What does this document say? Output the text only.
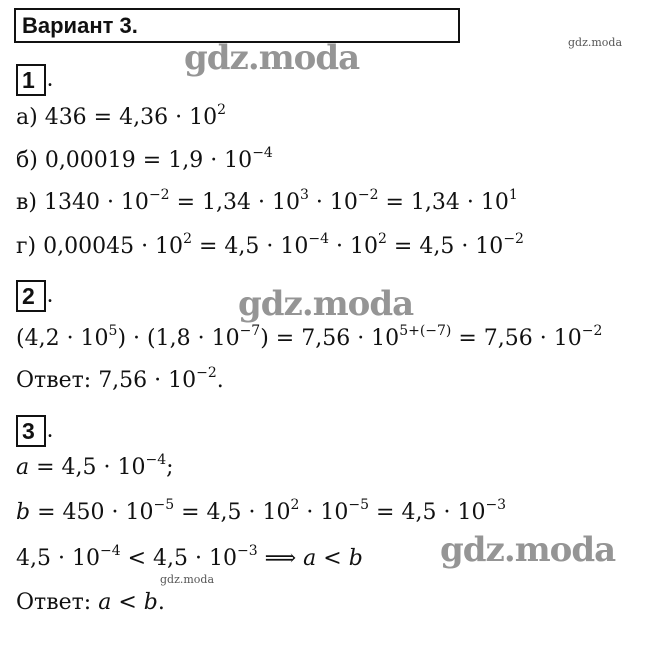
Вариант 3.
gdz.moda
gdz.moda
1 .
а) $436 = 4,36 \cdot 10^2$
б) $0,00019 = 1,9 \cdot 10^{-4}$
в) $1340 \cdot 10^{-2} = 1,34 \cdot 10^3 \cdot 10^{-2} = 1,34 \cdot 10^1$
г) $0,00045 \cdot 10^2 = 4,5 \cdot 10^{-4} \cdot 10^2 = 4,5 \cdot 10^{-2}$
gdz.moda
2 .
$(4,2 \cdot 10^5) \cdot (1,8 \cdot 10^{-7}) = 7,56 \cdot 10^{5+(-7)} = 7,56 \cdot 10^{-2}$
Ответ: $7,56 \cdot 10^{-2}$.
3 .
$a = 4,5 \cdot 10^{-4}$;
$b = 450 \cdot 10^{-5} = 4,5 \cdot 10^2 \cdot 10^{-5} = 4,5 \cdot 10^{-3}$
gdz.moda
$4,5 \cdot 10^{-4} < 4,5 \cdot 10^{-3}$ ⟹ a < b
gdz.moda
Ответ: a < b.
